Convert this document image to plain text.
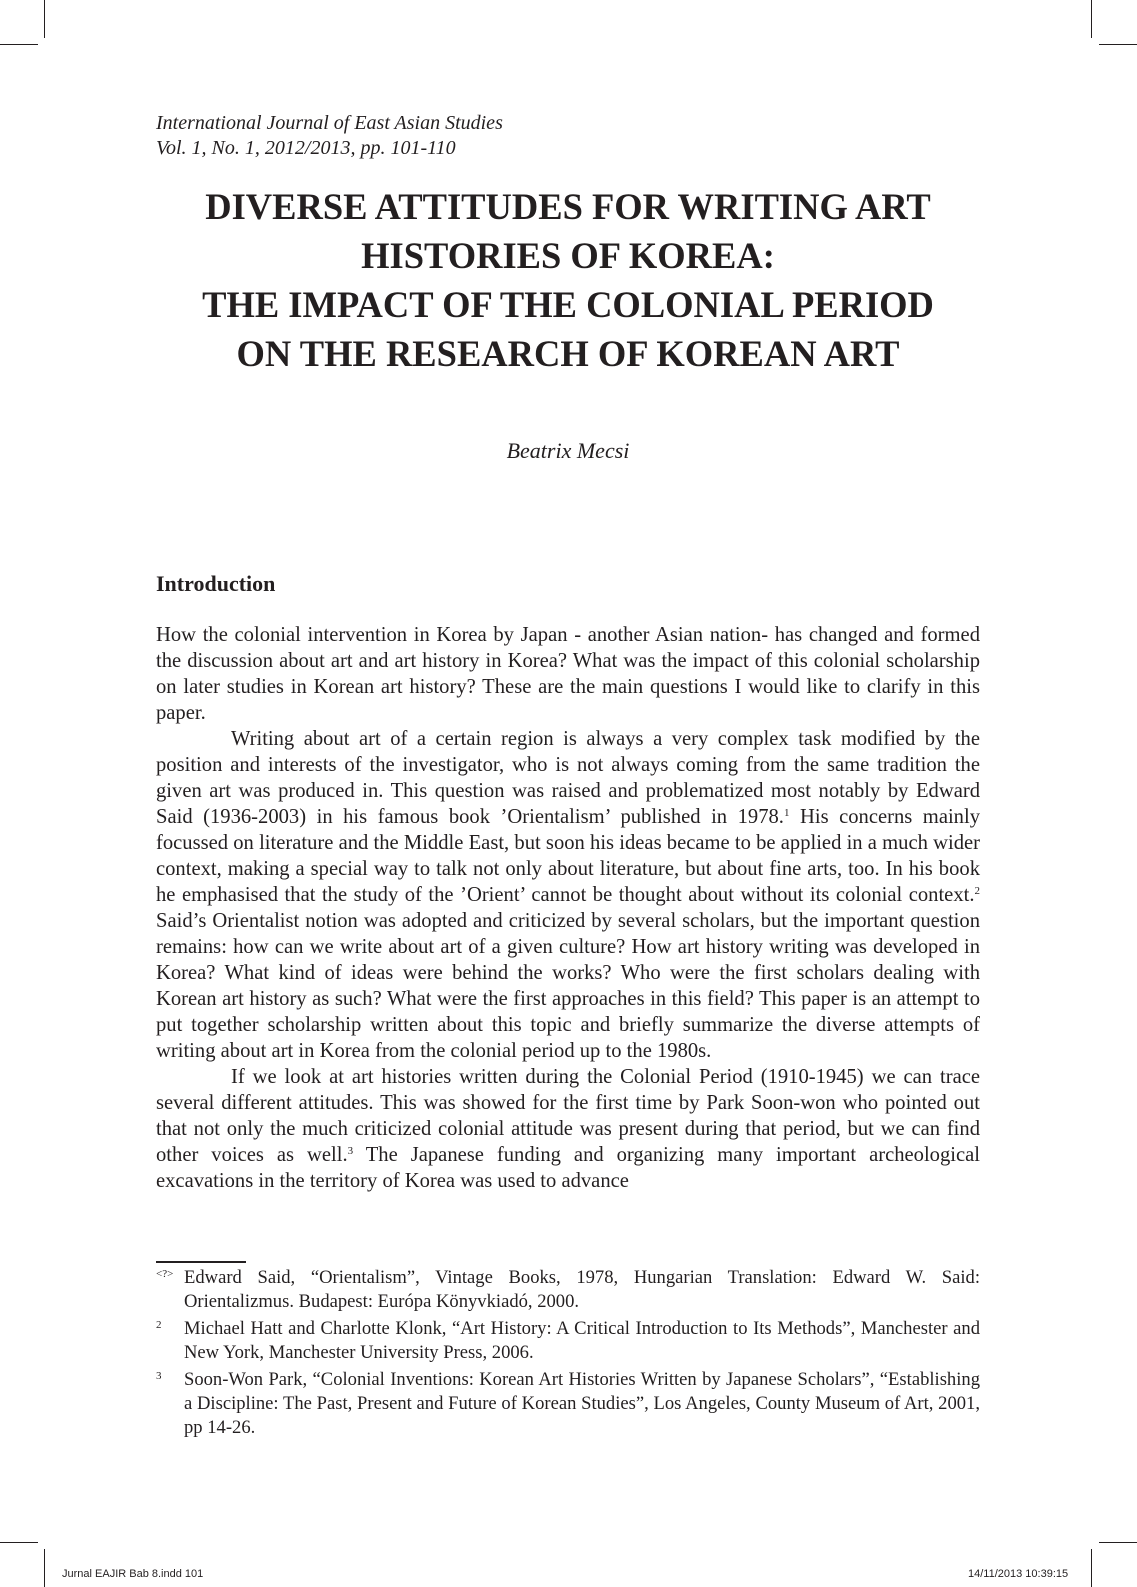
International Journal of East Asian Studies
Vol. 1, No. 1, 2012/2013, pp. 101-110
DIVERSE ATTITUDES FOR WRITING ART
HISTORIES OF KOREA:
THE IMPACT OF THE COLONIAL PERIOD
ON THE RESEARCH OF KOREAN ART
Beatrix Mecsi
Introduction

How the colonial intervention in Korea by Japan - another Asian nation- has changed and formed the discussion about art and art history in Korea? What was the impact of this colonial scholarship on later studies in Korean art history? These are the main questions I would like to clarify in this paper.

Writing about art of a certain region is always a very complex task modified by the position and interests of the investigator, who is not always coming from the same tradition the given art was produced in. This question was raised and problematized most notably by Edward Said (1936-2003) in his famous book ’Orientalism’ published in 1978.$^1$ His concerns mainly focussed on literature and the Middle East, but soon his ideas became to be applied in a much wider context, making a special way to talk not only about literature, but about fine arts, too. In his book he emphasised that the study of the ’Orient’ cannot be thought about without its colonial context.$^2$ Said’s Orientalist notion was adopted and criticized by several scholars, but the important question remains: how can we write about art of a given culture? How art history writing was developed in Korea? What kind of ideas were behind the works? Who were the first scholars dealing with Korean art history as such? What were the first approaches in this field? This paper is an attempt to put together scholarship written about this topic and briefly summarize the diverse attempts of writing about art in Korea from the colonial period up to the 1980s.

If we look at art histories written during the Colonial Period (1910-1945) we can trace several different attitudes. This was showed for the first time by Park Soon-won who pointed out that not only the much criticized colonial attitude was present during that period, but we can find other voices as well.$^3$ The Japanese funding and organizing many important archeological excavations in the territory of Korea was used to advance

<?> Edward Said, “Orientalism”, Vintage Books, 1978, Hungarian Translation: Edward W. Said: Orientalizmus. Budapest: Európa Könyvkiadó, 2000.
2 Michael Hatt and Charlotte Klonk, “Art History: A Critical Introduction to Its Methods”, Manchester and New York, Manchester University Press, 2006.
3 Soon-Won Park, “Colonial Inventions: Korean Art Histories Written by Japanese Scholars”, “Establishing a Discipline: The Past, Present and Future of Korean Studies”, Los Angeles, County Museum of Art, 2001, pp 14-26.
Jurnal EAJIR Bab 8.indd 101	14/11/2013 10:39:15
